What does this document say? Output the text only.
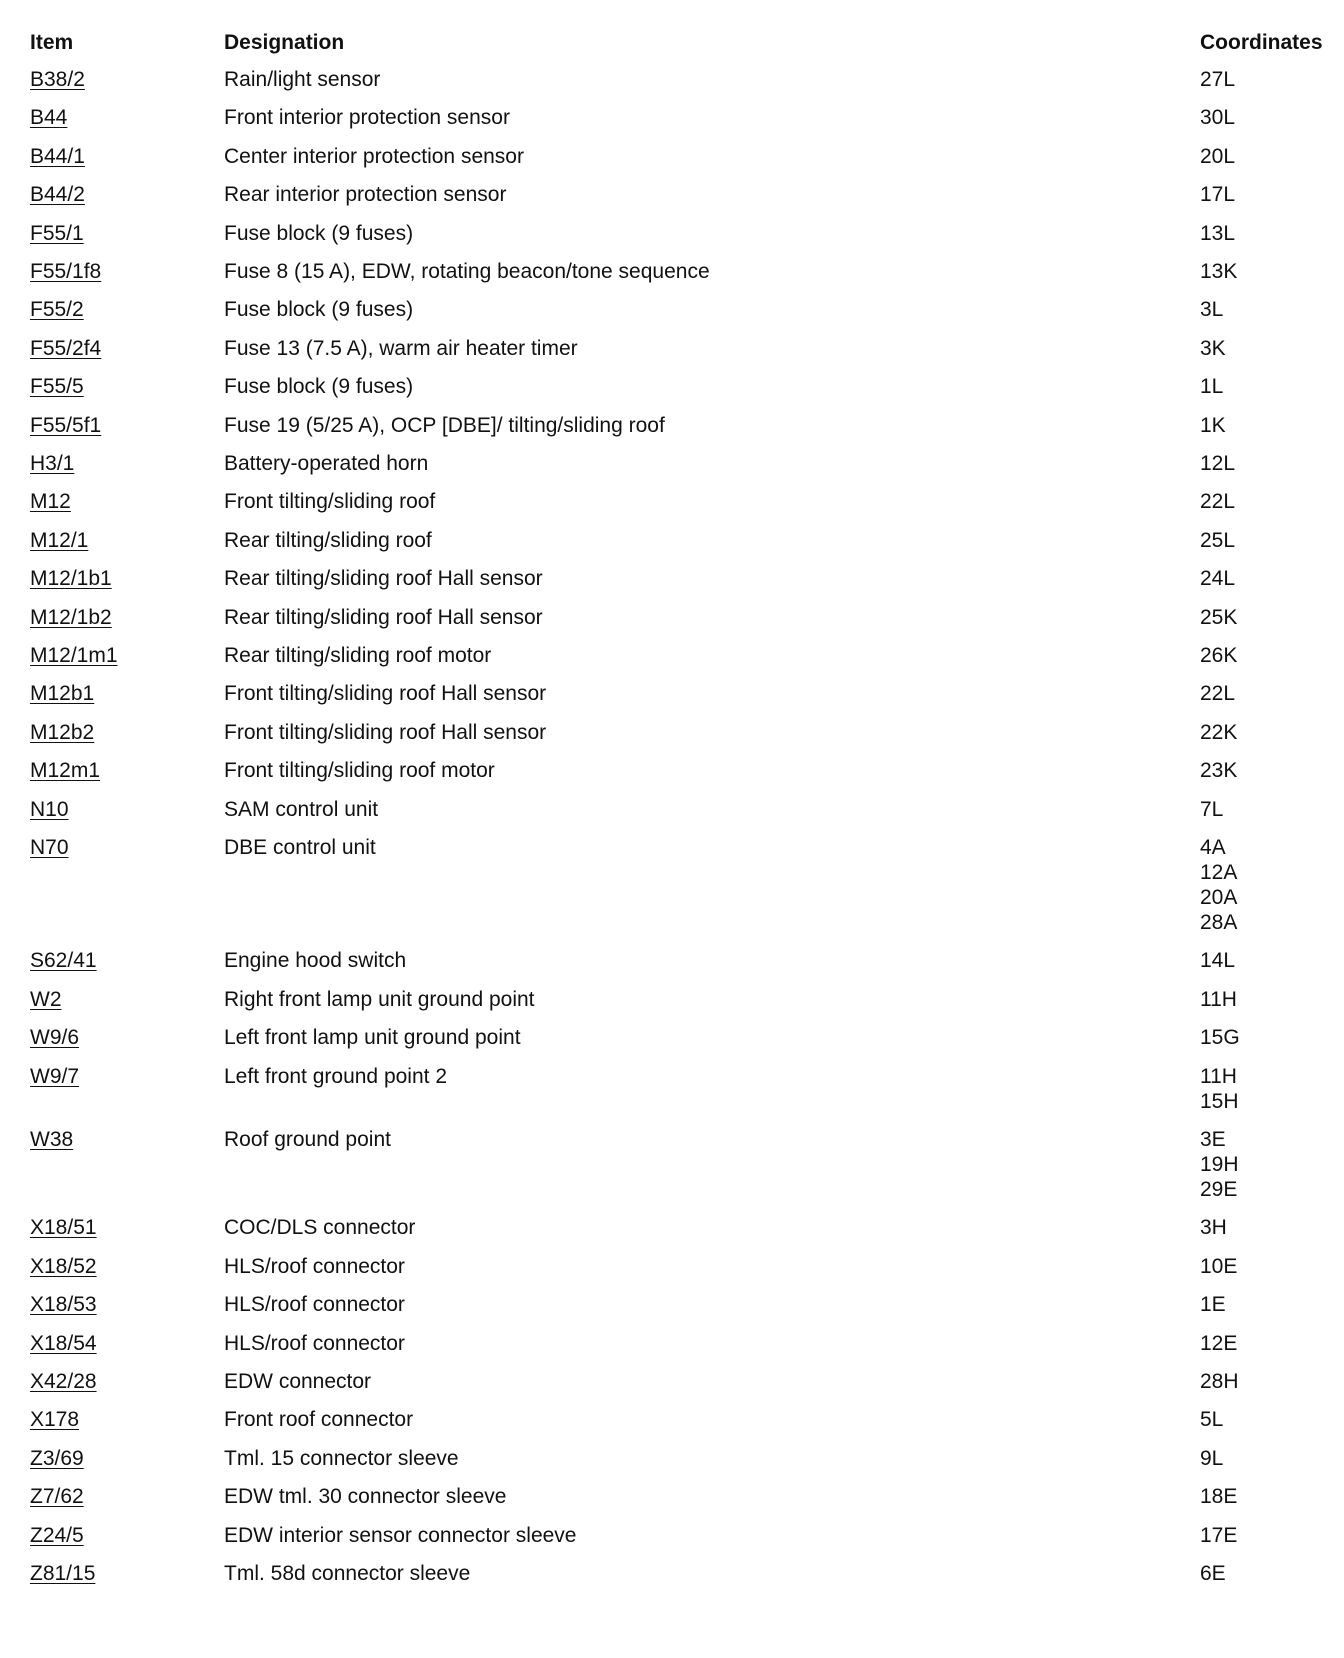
Item	Designation	Coordinates
B38/2	Rain/light sensor	27L
B44	Front interior protection sensor	30L
B44/1	Center interior protection sensor	20L
B44/2	Rear interior protection sensor	17L
F55/1	Fuse block (9 fuses)	13L
F55/1f8	Fuse 8 (15 A), EDW, rotating beacon/tone sequence	13K
F55/2	Fuse block (9 fuses)	3L
F55/2f4	Fuse 13 (7.5 A), warm air heater timer	3K
F55/5	Fuse block (9 fuses)	1L
F55/5f1	Fuse 19 (5/25 A), OCP [DBE]/ tilting/sliding roof	1K
H3/1	Battery-operated horn	12L
M12	Front tilting/sliding roof	22L
M12/1	Rear tilting/sliding roof	25L
M12/1b1	Rear tilting/sliding roof Hall sensor	24L
M12/1b2	Rear tilting/sliding roof Hall sensor	25K
M12/1m1	Rear tilting/sliding roof motor	26K
M12b1	Front tilting/sliding roof Hall sensor	22L
M12b2	Front tilting/sliding roof Hall sensor	22K
M12m1	Front tilting/sliding roof motor	23K
N10	SAM control unit	7L
N70	DBE control unit	4A
12A
20A
28A
S62/41	Engine hood switch	14L
W2	Right front lamp unit ground point	11H
W9/6	Left front lamp unit ground point	15G
W9/7	Left front ground point 2	11H
15H
W38	Roof ground point	3E
19H
29E
X18/51	COC/DLS connector	3H
X18/52	HLS/roof connector	10E
X18/53	HLS/roof connector	1E
X18/54	HLS/roof connector	12E
X42/28	EDW connector	28H
X178	Front roof connector	5L
Z3/69	Tml. 15 connector sleeve	9L
Z7/62	EDW tml. 30 connector sleeve	18E
Z24/5	EDW interior sensor connector sleeve	17E
Z81/15	Tml. 58d connector sleeve	6E
